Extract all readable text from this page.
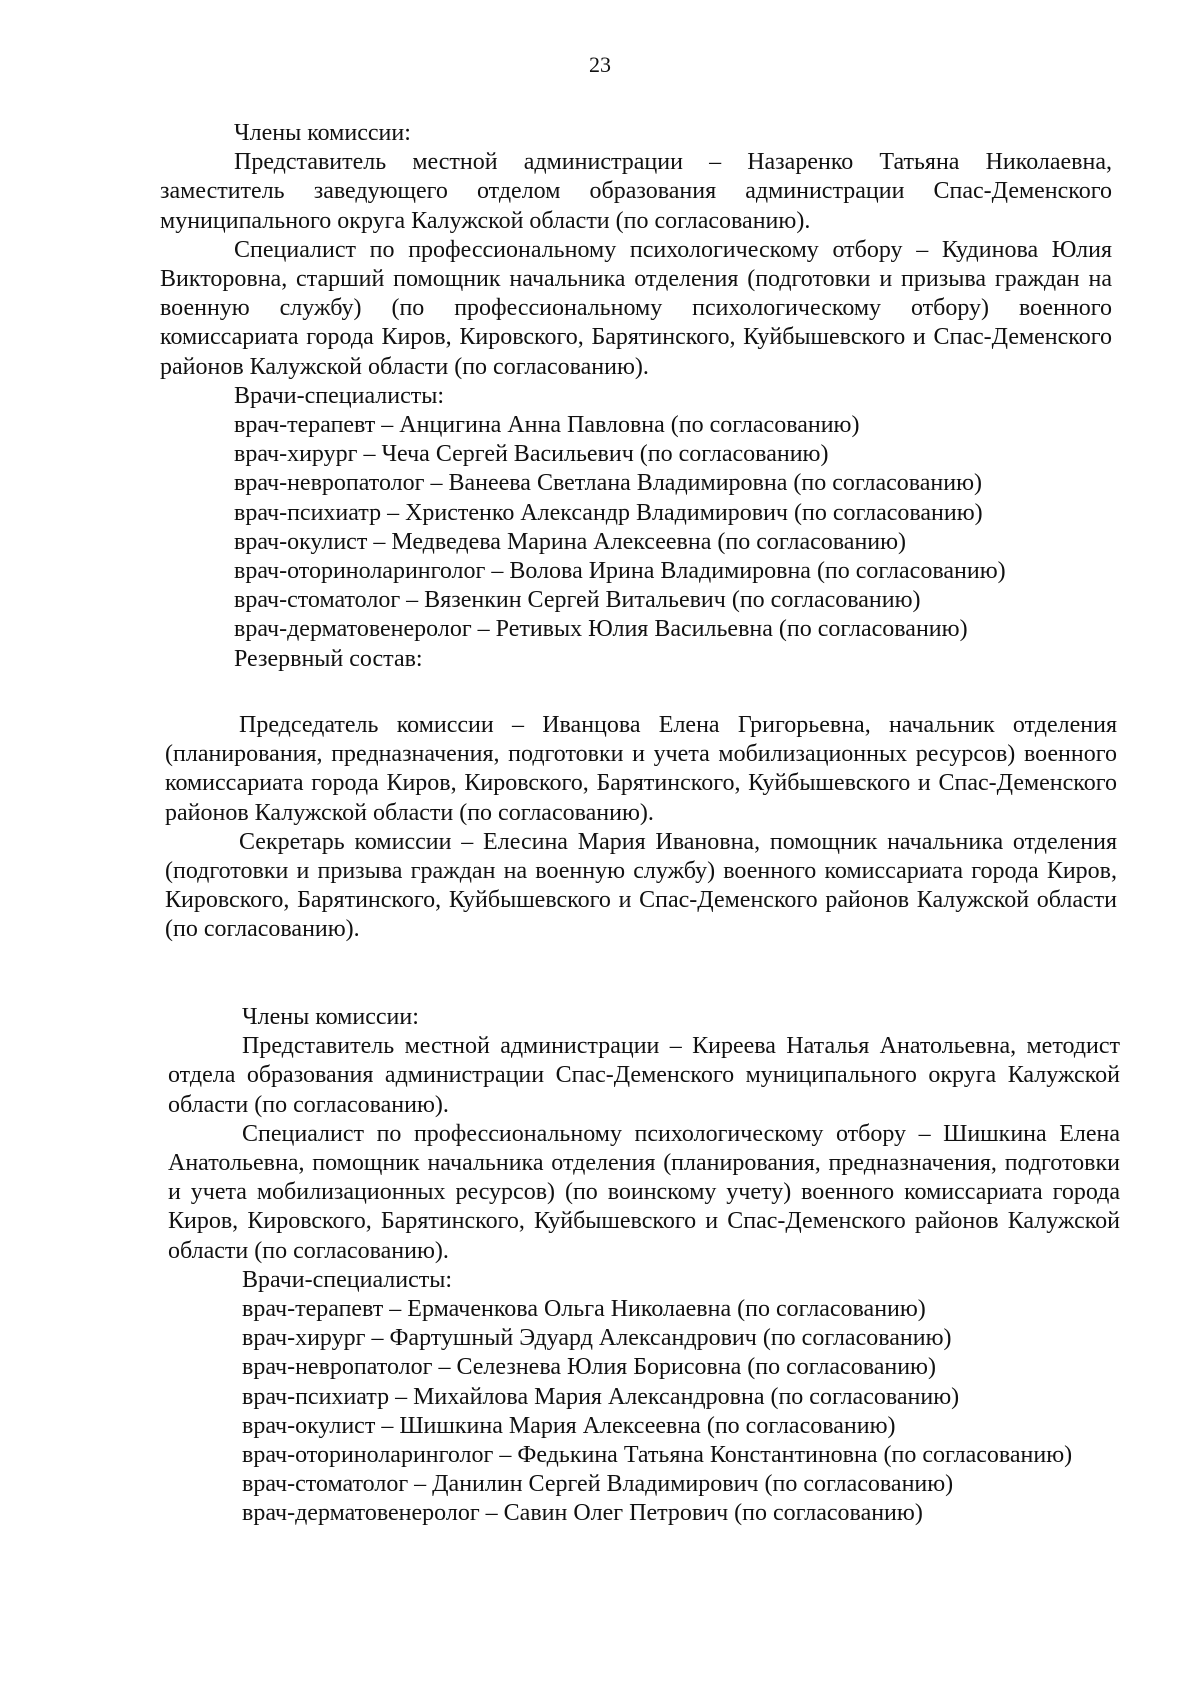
23

Члены комиссии:

Представитель местной администрации – Назаренко Татьяна Николаевна, заместитель заведующего отделом образования администрации Спас-Деменского муниципального округа Калужской области (по согласованию).

Специалист по профессиональному психологическому отбору – Кудинова Юлия Викторовна, старший помощник начальника отделения (подготовки и призыва граждан на военную службу) (по профессиональному психологическому отбору) военного комиссариата города Киров, Кировского, Барятинского, Куйбышевского и Спас-Деменского районов Калужской области (по согласованию).

Врачи-специалисты:

врач-терапевт – Анцигина Анна Павловна (по согласованию)

врач-хирург – Чеча Сергей Васильевич (по согласованию)

врач-невропатолог – Ванеева Светлана Владимировна (по согласованию)

врач-психиатр – Христенко Александр Владимирович (по согласованию)

врач-окулист – Медведева Марина Алексеевна (по согласованию)

врач-оториноларинголог – Волова Ирина Владимировна (по согласованию)

врач-стоматолог – Вязенкин Сергей Витальевич (по согласованию)

врач-дерматовенеролог – Ретивых Юлия Васильевна (по согласованию)

Резервный состав:

Председатель комиссии – Иванцова Елена Григорьевна, начальник отделения (планирования, предназначения, подготовки и учета мобилизационных ресурсов) военного комиссариата города Киров, Кировского, Барятинского, Куйбышевского и Спас-Деменского районов Калужской области (по согласованию).

Секретарь комиссии – Елесина Мария Ивановна, помощник начальника отделения (подготовки и призыва граждан на военную службу) военного комиссариата города Киров, Кировского, Барятинского, Куйбышевского и Спас-Деменского районов Калужской области (по согласованию).

Члены комиссии:

Представитель местной администрации – Киреева Наталья Анатольевна, методист отдела образования администрации Спас-Деменского муниципального округа Калужской области (по согласованию).

Специалист по профессиональному психологическому отбору – Шишкина Елена Анатольевна, помощник начальника отделения (планирования, предназначения, подготовки и учета мобилизационных ресурсов) (по воинскому учету) военного комиссариата города Киров, Кировского, Барятинского, Куйбышевского и Спас-Деменского районов Калужской области (по согласованию).

Врачи-специалисты:

врач-терапевт – Ермаченкова Ольга Николаевна (по согласованию)

врач-хирург – Фартушный Эдуард Александрович (по согласованию)

врач-невропатолог – Селезнева Юлия Борисовна (по согласованию)

врач-психиатр – Михайлова Мария Александровна (по согласованию)

врач-окулист – Шишкина Мария Алексеевна (по согласованию)

врач-оториноларинголог – Федькина Татьяна Константиновна (по согласованию)

врач-стоматолог – Данилин Сергей Владимирович (по согласованию)

врач-дерматовенеролог – Савин Олег Петрович (по согласованию)
